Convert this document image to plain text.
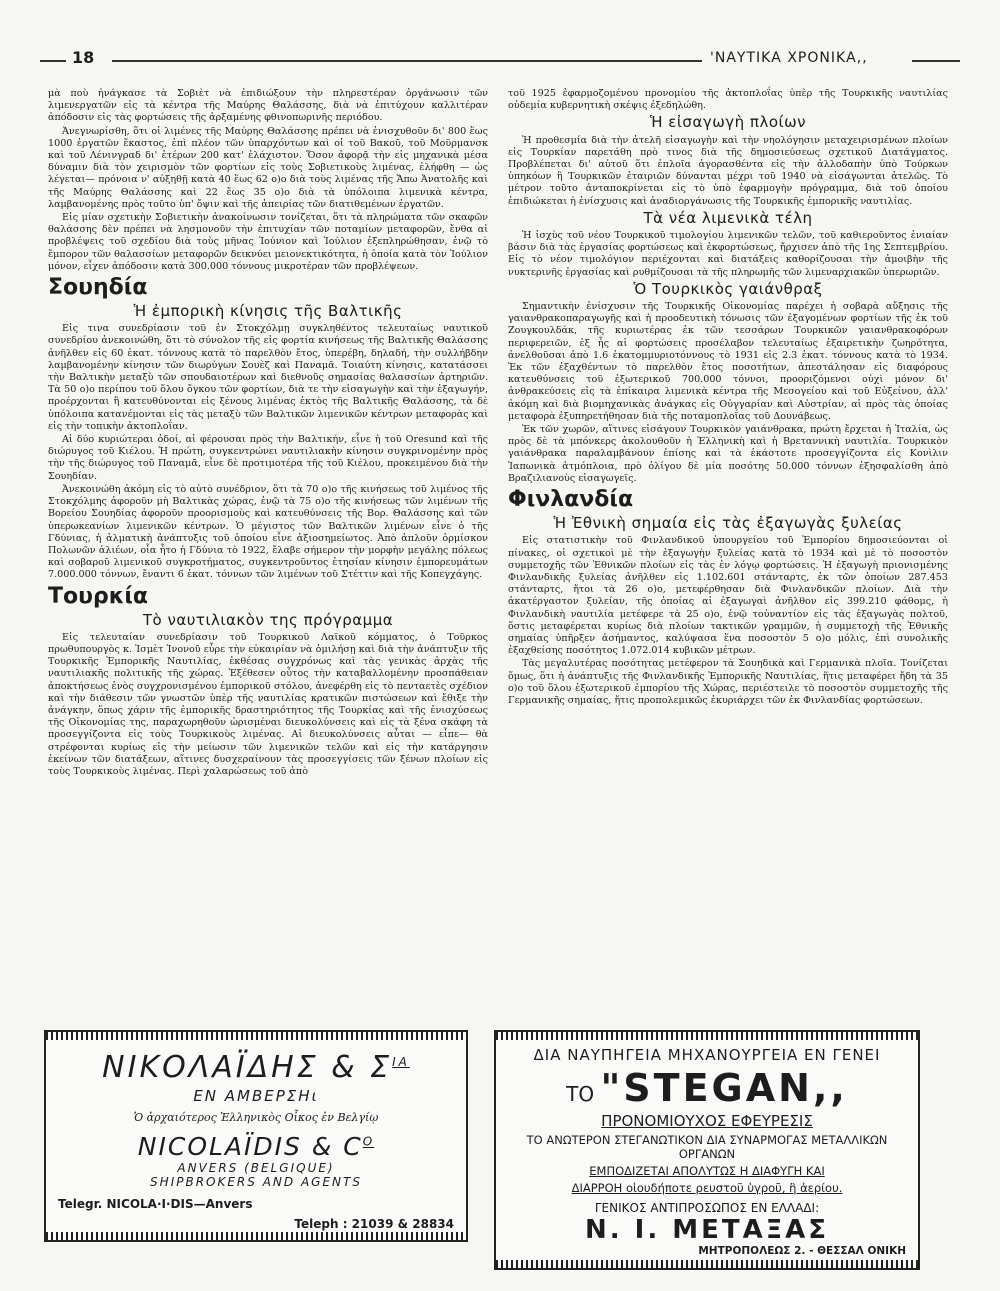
18	'ΝΑΥΤΙΚΑ ΧΡΟΝΙΚΑ,,

μὰ ποὺ ἠνάγκασε τὰ Σοβιὲτ νὰ ἐπιδιώξουν τὴν πληρεστέραν ὀργάνωσιν τῶν λιμενεργατῶν εἰς τὰ κέντρα τῆς Μαύρης Θαλάσσης, διὰ νὰ ἐπιτύχουν καλλιτέραν ἀπόδοσιν εἰς τὰς φορτώσεις τῆς ἀρξαμένης φθινοπωρινῆς περιόδου.

Ἀνεγνωρίσθη, ὅτι οἱ λιμένες τῆς Μαύρης Θαλάσσης πρέπει νὰ ἐνισχυθοῦν δι' 800 ἕως 1000 ἐργατῶν ἕκαστος, ἐπὶ πλέον τῶν ὑπαρχόντων καὶ οἱ τοῦ Βακοῦ, τοῦ Μοῦρμανσκ καὶ τοῦ Λένινγραδ δι' ἑτέρων 200 κατ' ἐλάχιστον. Ὅσον ἀφορᾷ τὴν εἰς μηχανικὰ μέσα δύναμιν διὰ τὸν χειρισμὸν τῶν φορτίων εἰς τοὺς Σοβιετικοὺς λιμένας, ἐλήφθη — ὡς λέγεται— πρόνοια ν' αὐξηθῇ κατὰ 40 ἕως 62 ο)ο διὰ τοὺς λιμένας τῆς Ἄπω Ἀνατολῆς καὶ τῆς Μαύρης Θαλάσσης καὶ 22 ἕως 35 ο)ο διὰ τὰ ὑπόλοιπα λιμενικὰ κέντρα, λαμβανομένης πρὸς τοῦτο ὑπ' ὄψιν καὶ τῆς ἀπειρίας τῶν διατιθεμένων ἐργατῶν.

Εἰς μίαν σχετικὴν Σοβιετικὴν ἀνακοίνωσιν τονίζεται, ὅτι τὰ πληρώματα τῶν σκαφῶν θαλάσσης δὲν πρέπει νὰ λησμονοῦν τὴν ἐπιτυχίαν τῶν ποταμίων μεταφορῶν, ἔνθα αἱ προβλέψεις τοῦ σχεδίου διὰ τοὺς μῆνας Ἰούνιον καὶ Ἰούλιον ἐξεπληρώθησαν, ἐνῷ τὸ ἔμπορον τῶν θαλασσίων μεταφορῶν δεικνύει μειονεκτικότητα, ἡ ὁποία κατὰ τὸν Ἰούλιον μόνον, εἶχεν ἀπόδοσιν κατὰ 300.000 τόννους μικροτέραν τῶν προβλέψεων.

Σουηδία
Ἡ ἐμπορικὴ κίνησις τῆς Βαλτικῆς

Εἰς τινα συνεδρίασιν τοῦ ἐν Στοκχόλμῃ συγκληθέντος τελευταίως ναυτικοῦ συνεδρίου ἀνεκοινώθη, ὅτι τὸ σύνολον τῆς εἰς φορτία κινήσεως τῆς Βαλτικῆς Θαλάσσης ἀνῆλθεν εἰς 60 ἑκατ. τόννους κατὰ τὸ παρελθὸν ἔτος, ὑπερέβη, δηλαδή, τὴν συλλήβδην λαμβανομένην κίνησιν τῶν διωρύγων Σουὲζ καὶ Παναμᾶ. Τοιαύτη κίνησις, κατατάσσει τὴν Βαλτικὴν μεταξὺ τῶν σπουδαιοτέρων καὶ διεθνοῦς σημασίας θαλασσίων ἀρτηριῶν. Τὰ 50 ο)ο περίπου τοῦ ὅλου ὄγκου τῶν φορτίων, διὰ τε τὴν εἰσαγωγὴν καὶ τὴν ἐξαγωγήν, προέρχονται ἢ κατευθύνονται εἰς ξένους λιμένας ἐκτὸς τῆς Βαλτικῆς Θαλάσσης, τὰ δὲ ὑπόλοιπα κατανέμονται εἰς τὰς μεταξὺ τῶν Βαλτικῶν λιμενικῶν κέντρων μεταφορὰς καὶ εἰς τὴν τοπικὴν ἀκτοπλοΐαν.

Αἱ δύο κυριώτεραι ὁδοί, αἱ φέρουσαι πρὸς τὴν Βαλτικήν, εἶνε ἡ τοῦ Oresund καὶ τῆς διώρυγος τοῦ Κιέλου. Ἡ πρώτη, συγκεντρώνει ναυτιλιακὴν κίνησιν συγκρινομένην πρὸς τὴν τῆς διώρυγος τοῦ Παναμᾶ, εἶνε δὲ προτιμοτέρα τῆς τοῦ Κιέλου, προκειμένου διὰ τὴν Σουηδίαν.

Ἀνεκοινώθη ἀκόμη εἰς τὸ αὐτὸ συνέδριον, ὅτι τὰ 70 ο)ο τῆς κινήσεως τοῦ λιμένος τῆς Στοκχόλμης ἀφοροῦν μὴ Βαλτικὰς χώρας, ἐνῷ τὰ 75 ο)ο τῆς κινήσεως τῶν λιμένων τῆς Βορείου Σουηδίας ἀφοροῦν προορισμοὺς καὶ κατευθύνσεις τῆς Βορ. Θαλάσσης καὶ τῶν ὑπερωκεανίων λιμενικῶν κέντρων. Ὁ μέγιστος τῶν Βαλτικῶν λιμένων εἶνε ὁ τῆς Γδύνιας, ἡ ἀλματικὴ ἀνάπτυξις τοῦ ὁποίου εἶνε ἀξιοσημείωτος. Ἀπὸ ἁπλοῦν ὁρμίσκον Πολωνῶν ἁλιέων, οἷα ἦτο ἡ Γδύνια τὸ 1922, ἔλαβε σήμερον τὴν μορφὴν μεγάλης πόλεως καὶ σοβαροῦ λιμενικοῦ συγκροτήματος, συγκεντροῦντος ἐτησίαν κίνησιν ἐμπορευμάτων 7.000.000 τόννων, ἔναντι 6 ἑκατ. τόννων τῶν λιμένων τοῦ Στέττιν καὶ τῆς Κοπεγχάγης.

Τουρκία
Τὸ ναυτιλιακὸν της πρόγραμμα

Εἰς τελευταίαν συνεδρίασιν τοῦ Τουρκικοῦ Λαϊκοῦ κόμματος, ὁ Τοῦρκος πρωθυπουργὸς κ. Ἰσμὲτ Ἰνονοῦ εὗρε τὴν εὐκαιρίαν νὰ ὁμιλήσῃ καὶ διὰ τὴν ἀνάπτυξιν τῆς Τουρκικῆς Ἐμπορικῆς Ναυτιλίας, ἐκθέσας συγχρόνως καὶ τὰς γενικὰς ἀρχὰς τῆς ναυτιλιακῆς πολιτικῆς τῆς χώρας. Ἐξέθεσεν οὗτος τὴν καταβαλλομένην προσπάθειαν ἀποκτήσεως ἑνὸς συγχρονισμένου ἐμπορικοῦ στόλου, ἀνεφέρθη εἰς τὸ πενταετὲς σχέδιον καὶ τὴν διάθεσιν τῶν γνωστῶν ὑπὲρ τῆς ναυτιλίας κρατικῶν πιστώσεων καὶ ἔθιξε τὴν ἀνάγκην, ὅπως χάριν τῆς ἐμπορικῆς δραστηριότητος τῆς Τουρκίας καὶ τῆς ἐνισχύσεως τῆς Οἰκονομίας της, παραχωρηθοῦν ὡρισμέναι διευκολύνσεις καὶ εἰς τὰ ξένα σκάφη τὰ προσεγγίζοντα εἰς τοὺς Τουρκικοὺς λιμένας. Αἱ διευκολύνσεις αὗται — εἶπε— θὰ στρέφονται κυρίως εἰς τὴν μείωσιν τῶν λιμενικῶν τελῶν καὶ εἰς τὴν κατάργησιν ἐκείνων τῶν διατάξεων, αἵτινες δυσχεραίνουν τὰς προσεγγίσεις τῶν ξένων πλοίων εἰς τοὺς Τουρκικοὺς λιμένας. Περὶ χαλαρώσεως τοῦ ἀπὸ

τοῦ 1925 ἐφαρμοζομένου προνομίου τῆς ἀκτοπλοΐας ὑπὲρ τῆς Τουρκικῆς ναυτιλίας οὐδεμία κυβερνητικὴ σκέψις ἐξεδηλώθη.

Ἡ εἰσαγωγὴ πλοίων

Ἡ προθεσμία διὰ τὴν ἀτελῆ εἰσαγωγὴν καὶ τὴν νηολόγησιν μεταχειρισμένων πλοίων εἰς Τουρκίαν παρετάθη πρὸ τινος διὰ τῆς δημοσιεύσεως σχετικοῦ Διατάγματος. Προβλέπεται δι' αὐτοῦ ὅτι ἐπλοῖα ἀγορασθέντα εἰς τὴν ἀλλοδαπὴν ὑπὸ Τούρκων ὑπηκόων ἢ Τουρκικῶν ἑταιριῶν δύνανται μέχρι τοῦ 1940 νὰ εἰσάγωνται ἀτελῶς. Τὸ μέτρον τοῦτο ἀνταποκρίνεται εἰς τὸ ὑπὸ ἐφαρμογὴν πρόγραμμα, διὰ τοῦ ὁποίου ἐπιδιώκεται ἡ ἐνίσχυσις καὶ ἀναδιοργάνωσις τῆς Τουρκικῆς ἐμπορικῆς ναυτιλίας.

Τὰ νέα λιμενικὰ τέλη

Ἡ ἰσχὺς τοῦ νέου Τουρκικοῦ τιμολογίου λιμενικῶν τελῶν, τοῦ καθιεροῦντος ἑνιαίαν βάσιν διὰ τὰς ἐργασίας φορτώσεως καὶ ἐκφορτώσεως, ἤρχισεν ἀπὸ τῆς 1ης Σεπτεμβρίου. Εἰς τὸ νέον τιμολόγιον περιέχονται καὶ διατάξεις καθορίζουσαι τὴν ἀμοιβὴν τῆς νυκτερινῆς ἐργασίας καὶ ρυθμίζουσαι τὰ τῆς πληρωμῆς τῶν λιμεναρχιακῶν ὑπερωριῶν.

Ὁ Τουρκικὸς γαιάνθραξ

Σημαντικὴν ἐνίσχυσιν τῆς Τουρκικῆς Οἰκονομίας παρέχει ἡ σοβαρὰ αὔξησις τῆς γαιανθρακοπαραγωγῆς καὶ ἡ προοδευτικὴ τόνωσις τῶν ἐξαγομένων φορτίων τῆς ἐκ τοῦ Ζουγκουλδάκ, τῆς κυριωτέρας ἐκ τῶν τεσσάρων Τουρκικῶν γαιανθρακοφόρων περιφερειῶν, ἐξ ἧς αἱ φορτώσεις προσέλαβον τελευταίως ἐξαιρετικὴν ζωηρότητα, ἀνελθοῦσαι ἀπὸ 1.6 ἑκατομμυριοτόννους τὸ 1931 εἰς 2.3 ἑκατ. τόννους κατὰ τὸ 1934. Ἐκ τῶν ἐξαχθέντων τὸ παρελθὸν ἔτος ποσοτήτων, ἀπεστάλησαν εἰς διαφόρους κατευθύνσεις τοῦ ἐξωτερικοῦ 700.000 τόννοι, προοριζόμενοι οὐχὶ μόνον δι' ἀνθρακεύσεις εἰς τὰ ἐπίκαιρα λιμενικὰ κέντρα τῆς Μεσογείου καὶ τοῦ Εὐξείνου, ἀλλ' ἀκόμη καὶ διὰ βιομηχανικὰς ἀνάγκας εἰς Οὐγγαρίαν καὶ Αὐστρίαν, αἱ πρὸς τὰς ὁποίας μεταφορὰ ἐξυπηρετήθησαν διὰ τῆς ποταμοπλοΐας τοῦ Δουνάβεως.

Ἐκ τῶν χωρῶν, αἵτινες εἰσάγουν Τουρκικὸν γαιάνθρακα, πρώτη ἔρχεται ἡ Ἰταλία, ὡς πρὸς δὲ τὰ μπόνκερς ἀκολουθοῦν ἡ Ἑλληνικὴ καὶ ἡ Βρεταννικὴ ναυτιλία. Τουρκικὸν γαιάνθρακα παραλαμβάνουν ἐπίσης καὶ τὰ ἑκάστοτε προσεγγίζοντα εἰς Κονὶλιν Ἰαπωνικὰ ἀτμόπλοια, πρὸ ὀλίγου δὲ μία ποσότης 50.000 τόννων ἐξησφαλίσθη ἀπὸ Βραζιλιανοὺς εἰσαγωγεῖς.

Φινλανδία
Ἡ Ἐθνικὴ σημαία εἰς τὰς ἐξαγωγὰς ξυλείας

Εἰς στατιστικὴν τοῦ Φινλανδικοῦ ὑπουργείου τοῦ Ἐμπορίου δημοσιεύονται οἱ πίνακες, οἱ σχετικοὶ μὲ τὴν ἐξαγωγὴν ξυλείας κατὰ τὸ 1934 καὶ μὲ τὸ ποσοστὸν συμμετοχῆς τῶν Ἐθνικῶν πλοίων εἰς τὰς ἐν λόγῳ φορτώσεις. Ἡ ἐξαγωγὴ πριονισμένης Φινλανδικῆς ξυλείας ἀνῆλθεν εἰς 1.102.601 στάνταρτς, ἐκ τῶν ὁποίων 287.453 στάνταρτς, ἤτοι τὰ 26 ο)ο, μετεφέρθησαν διὰ Φινλανδικῶν πλοίων. Διὰ τὴν ἀκατέργαστον ξυλείαν, τῆς ὁποίας αἱ ἐξαγωγαὶ ἀνῆλθον εἰς 399.210 φάθομς, ἡ Φινλανδικὴ ναυτιλία μετέφερε τὰ 25 ο)ο, ἐνῷ τοὐναντίον εἰς τὰς ἐξαγωγὰς πολτοῦ, ὅστις μεταφέρεται κυρίως διὰ πλοίων τακτικῶν γραμμῶν, ἡ συμμετοχὴ τῆς Ἐθνικῆς σημαίας ὑπῆρξεν ἀσήμαντος, καλύψασα ἕνα ποσοστὸν 5 ο)ο μόλις, ἐπὶ συνολικῆς ἐξαχθείσης ποσότητος 1.072.014 κυβικῶν μέτρων.

Τὰς μεγαλυτέρας ποσότητας μετέφερον τὰ Σουηδικὰ καὶ Γερμανικὰ πλοῖα. Τονίζεται ὅμως, ὅτι ἡ ἀνάπτυξις τῆς Φινλανδικῆς Ἐμπορικῆς Ναυτιλίας, ἥτις μεταφέρει ἤδη τὰ 35 ο)ο τοῦ ὅλου ἐξωτερικοῦ ἐμπορίου τῆς Χώρας, περιέστειλε τὸ ποσοστὸν συμμετοχῆς τῆς Γερμανικῆς σημαίας, ἥτις προπολεμικῶς ἐκυριάρχει τῶν ἐκ Φινλανδίας φορτώσεων.

ΝΙΚΟΛΑΪΔΗΣ & $\Sigma^{IA}$
ΕΝ ΑΜΒΕΡΣΗι
Ὁ ἀρχαιότερος Ἑλληνικὸς Οἶκος ἐν Βελγίῳ
NICOLAÏDIS & $C^O$
ANVERS (BELGIQUE)
SHIPBROKERS AND AGENTS
Telegr. NICOLA·I·DIS—Anvers
Teleph : 21039 & 28834
ΔΙΑ ΝΑΥΠΗΓΕΙΑ ΜΗΧΑΝΟΥΡΓΕΙΑ ΕΝ ΓΕΝΕΙ
ΤΟ "STEGAN,,
ΠΡΟΝΟΜΙΟΥΧΟΣ ΕΦΕΥΡΕΣΙΣ
ΤΟ ΑΝΩΤΕΡΟΝ ΣΤΕΓΑΝΩΤΙΚΟΝ ΔΙΑ ΣΥΝΑΡΜΟΓΑΣ ΜΕΤΑΛΛΙΚΩΝ ΟΡΓΑΝΩΝ
ΕΜΠΟΔΙΖΕΤΑΙ ΑΠΟΛΥΤΩΣ Η ΔΙΑΦΥΓΗ ΚΑΙ
ΔΙΑΡΡΟΗ οἱουδήποτε ρευστοῦ ὑγροῦ, ἢ ἀερίου.
ΓΕΝΙΚΟΣ ΑΝΤΙΠΡΟΣΩΠΟΣ ΕΝ ΕΛΛΑΔΙ:
Ν. Ι. ΜΕΤΑΞΑΣ
ΜΗΤΡΟΠΟΛΕΩΣ 2. - ΘΕΣΣΑΛ ΟΝΙΚΗ
